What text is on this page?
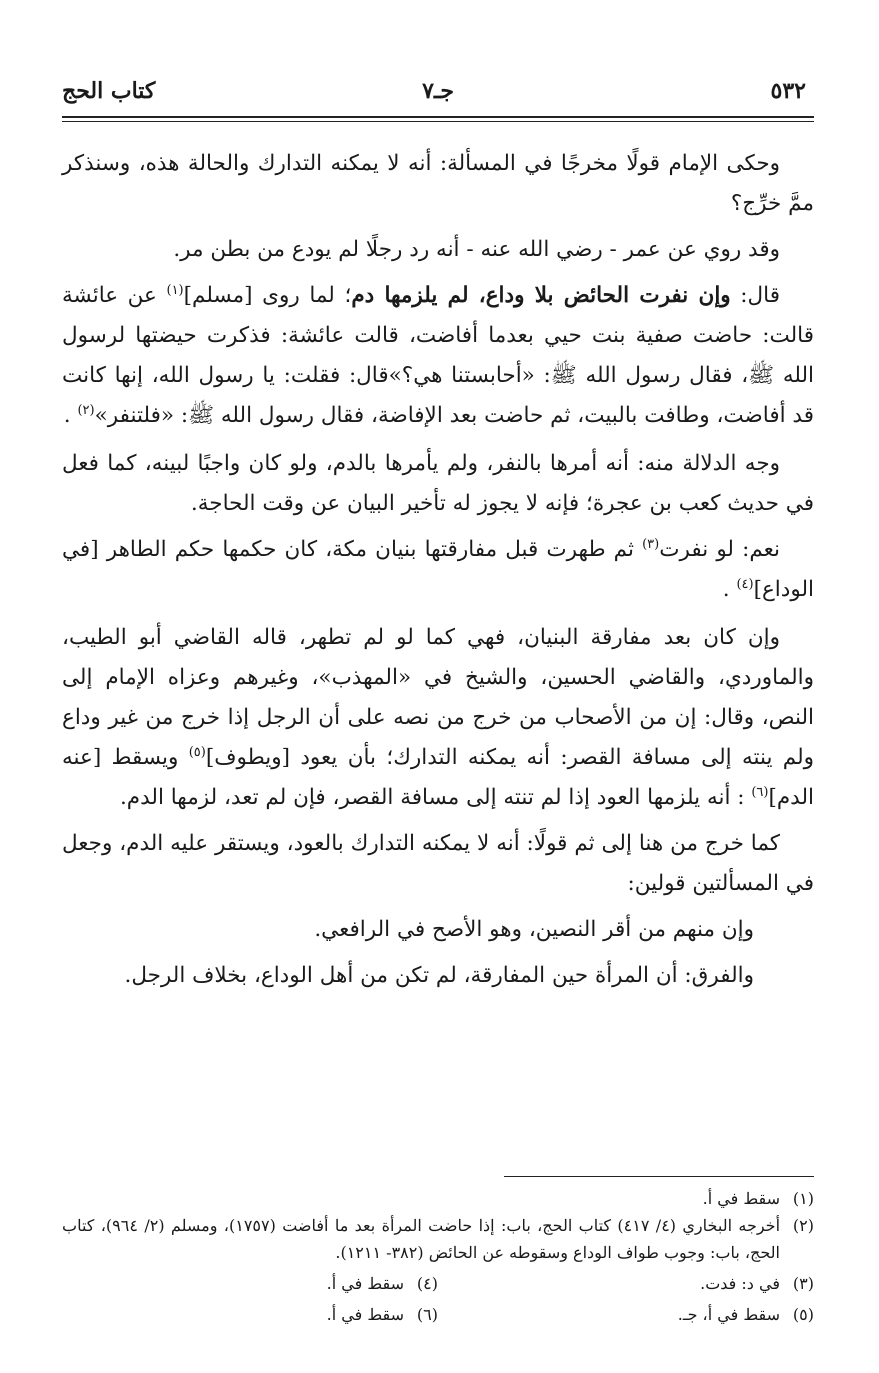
٥٣٢
جـ٧
كتاب الحج

وحكى الإمام قولًا مخرجًا في المسألة: أنه لا يمكنه التدارك والحالة هذه، وسنذكر ممَّ خرِّج؟

وقد روي عن عمر - رضي الله عنه - أنه رد رجلًا لم يودع من بطن مر.

قال: وإن نفرت الحائض بلا وداع، لم يلزمها دم؛ لما روى [مسلم]$^{(١)}$ عن عائشة قالت: حاضت صفية بنت حيي بعدما أفاضت، قالت عائشة: فذكرت حيضتها لرسول الله ﷺ، فقال رسول الله ﷺ: «أحابستنا هي؟»قال: فقلت: يا رسول الله، إنها كانت قد أفاضت، وطافت بالبيت، ثم حاضت بعد الإفاضة، فقال رسول الله ﷺ: «فلتنفر»$^{(٢)}$ .

وجه الدلالة منه: أنه أمرها بالنفر، ولم يأمرها بالدم، ولو كان واجبًا لبينه، كما فعل في حديث كعب بن عجرة؛ فإنه لا يجوز له تأخير البيان عن وقت الحاجة.

نعم: لو نفرت$^{(٣)}$ ثم طهرت قبل مفارقتها بنيان مكة، كان حكمها حكم الطاهر [في الوداع]$^{(٤)}$ .

وإن كان بعد مفارقة البنيان، فهي كما لو لم تطهر، قاله القاضي أبو الطيب، والماوردي، والقاضي الحسين، والشيخ في «المهذب»، وغيرهم وعزاه الإمام إلى النص، وقال: إن من الأصحاب من خرج من نصه على أن الرجل إذا خرج من غير وداع ولم ينته إلى مسافة القصر: أنه يمكنه التدارك؛ بأن يعود [ويطوف]$^{(٥)}$ ويسقط [عنه الدم]$^{(٦)}$ : أنه يلزمها العود إذا لم تنته إلى مسافة القصر، فإن لم تعد، لزمها الدم.

كما خرج من هنا إلى ثم قولًا: أنه لا يمكنه التدارك بالعود، ويستقر عليه الدم، وجعل في المسألتين قولين:

وإن منهم من أقر النصين، وهو الأصح في الرافعي.

والفرق: أن المرأة حين المفارقة، لم تكن من أهل الوداع، بخلاف الرجل.

(١)
سقط في أ.

(٢)
أخرجه البخاري (٤/ ٤١٧) كتاب الحج، باب: إذا حاضت المرأة بعد ما أفاضت (١٧٥٧)، ومسلم (٢/ ٩٦٤)، كتاب الحج، باب: وجوب طواف الوداع وسقوطه عن الحائض (٣٨٢- ١٢١١).

(٣)
في د: فدت.

(٤)
سقط في أ.

(٥)
سقط في أ، جـ.

(٦)
سقط في أ.
